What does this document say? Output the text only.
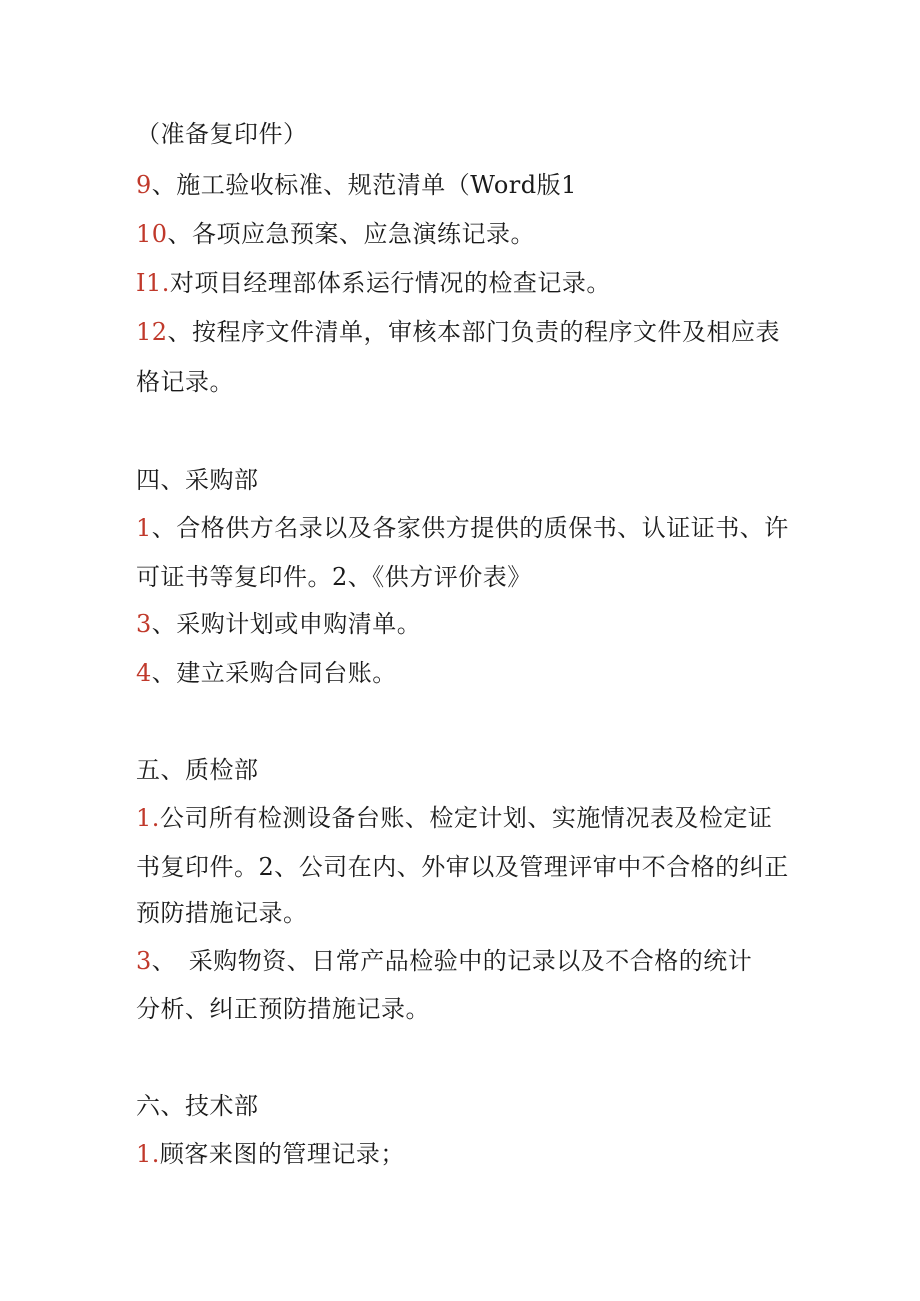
（准备复印件）
9、施工验收标准、规范清单（Word版1
10、各项应急预案、应急演练记录。
I1.对项目经理部体系运行情况的检查记录。
12、按程序文件清单，审核本部门负责的程序文件及相应表
格记录。
四、采购部
1、合格供方名录以及各家供方提供的质保书、认证证书、许
可证书等复印件。2、《供方评价表》
3、采购计划或申购清单。
4、建立采购合同台账。
五、质检部
1.公司所有检测设备台账、检定计划、实施情况表及检定证
书复印件。2、公司在内、外审以及管理评审中不合格的纠正
预防措施记录。
3、　采购物资、日常产品检验中的记录以及不合格的统计
分析、纠正预防措施记录。
六、技术部
1.顾客来图的管理记录；
